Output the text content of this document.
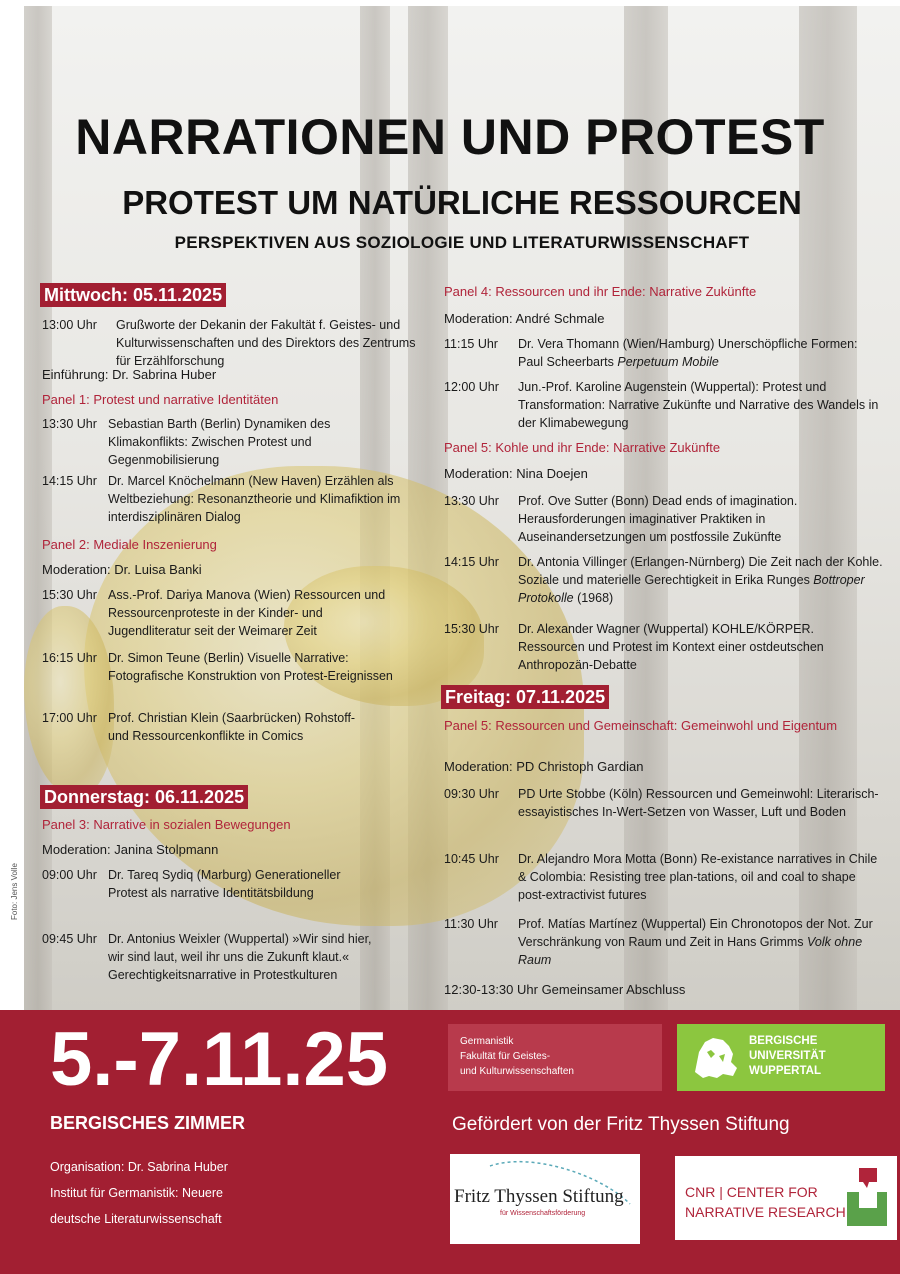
Foto: Jens Volle
NARRATIONEN UND PROTEST
PROTEST UM NATÜRLICHE RESSOURCEN
PERSPEKTIVEN AUS SOZIOLOGIE UND LITERATURWISSENSCHAFT
Mittwoch: 05.11.2025
13:00 Uhr	Grußworte der Dekanin der Fakultät f. Geistes- und Kulturwissenschaften und des Direktors des Zentrums für Erzählforschung
Einführung: Dr. Sabrina Huber
Panel 1: Protest und narrative Identitäten
13:30 Uhr Sebastian Barth (Berlin) Dynamiken des Klimakonflikts: Zwischen Protest und Gegenmobilisierung
14:15 Uhr Dr. Marcel Knöchelmann (New Haven) Erzählen als Weltbeziehung: Resonanztheorie und Klimafiktion im interdisziplinären Dialog
Panel 2: Mediale Inszenierung
Moderation: Dr. Luisa Banki
15:30 Uhr Ass.-Prof. Dariya Manova (Wien) Ressourcen und Ressourcenproteste in der Kinder- und Jugendliteratur seit der Weimarer Zeit
16:15 Uhr Dr. Simon Teune (Berlin) Visuelle Narrative: Fotografische Konstruktion von Protest-Ereignissen
17:00 Uhr Prof. Christian Klein (Saarbrücken) Rohstoff- und Ressourcenkonflikte in Comics
Donnerstag: 06.11.2025
Panel 3: Narrative in sozialen Bewegungen
Moderation: Janina Stolpmann
09:00 Uhr Dr. Tareq Sydiq (Marburg) Generationeller Protest als narrative Identitätsbildung
09:45 Uhr Dr. Antonius Weixler (Wuppertal) »Wir sind hier, wir sind laut, weil ihr uns die Zukunft klaut.« Gerechtigkeitsnarrative in Protestkulturen
Panel 4: Ressourcen und ihr Ende: Narrative Zukünfte
Moderation: André Schmale
11:15 Uhr	Dr. Vera Thomann (Wien/Hamburg) Unerschöpfliche Formen: Paul Scheerbarts Perpetuum Mobile
12:00 Uhr	Jun.-Prof. Karoline Augenstein (Wuppertal): Protest und Transformation: Narrative Zukünfte und Narrative des Wandels in der Klimabewegung
Panel 5: Kohle und ihr Ende: Narrative Zukünfte
Moderation: Nina Doejen
13:30 Uhr	Prof. Ove Sutter (Bonn) Dead ends of imagination. Herausforderungen imaginativer Praktiken in Auseinandersetzungen um postfossile Zukünfte
14:15 Uhr	Dr. Antonia Villinger (Erlangen-Nürnberg) Die Zeit nach der Kohle. Soziale und materielle Gerechtigkeit in Erika Runges Bottroper Protokolle (1968)
15:30 Uhr	Dr. Alexander Wagner (Wuppertal) KOHLE/KÖRPER. Ressourcen und Protest im Kontext einer ostdeutschen Anthropozän-Debatte
Freitag: 07.11.2025
Panel 5: Ressourcen und Gemeinschaft: Gemeinwohl und Eigentum
Moderation: PD Christoph Gardian
09:30 Uhr	PD Urte Stobbe (Köln) Ressourcen und Gemeinwohl: Literarisch-essayistisches In-Wert-Setzen von Wasser, Luft und Boden
10:45 Uhr	Dr. Alejandro Mora Motta (Bonn) Re-existance narratives in Chile & Colombia: Resisting tree plan-tations, oil and coal to shape post-extractivist futures
11:30 Uhr	Prof. Matías Martínez (Wuppertal) Ein Chronotopos der Not. Zur Verschränkung von Raum und Zeit in Hans Grimms Volk ohne Raum
12:30-13:30 Uhr Gemeinsamer Abschluss
5.-7.11.25
BERGISCHES ZIMMER
Organisation: Dr. Sabrina Huber
Institut für Germanistik: Neuere
deutsche Literaturwissenschaft
Germanistik
Fakultät für Geistes-
und Kulturwissenschaften
BERGISCHE
UNIVERSITÄT
WUPPERTAL
Gefördert von der Fritz Thyssen Stiftung
Fritz Thyssen Stiftung
für Wissenschaftsförderung
CNR | CENTER FOR
NARRATIVE RESEARCH
